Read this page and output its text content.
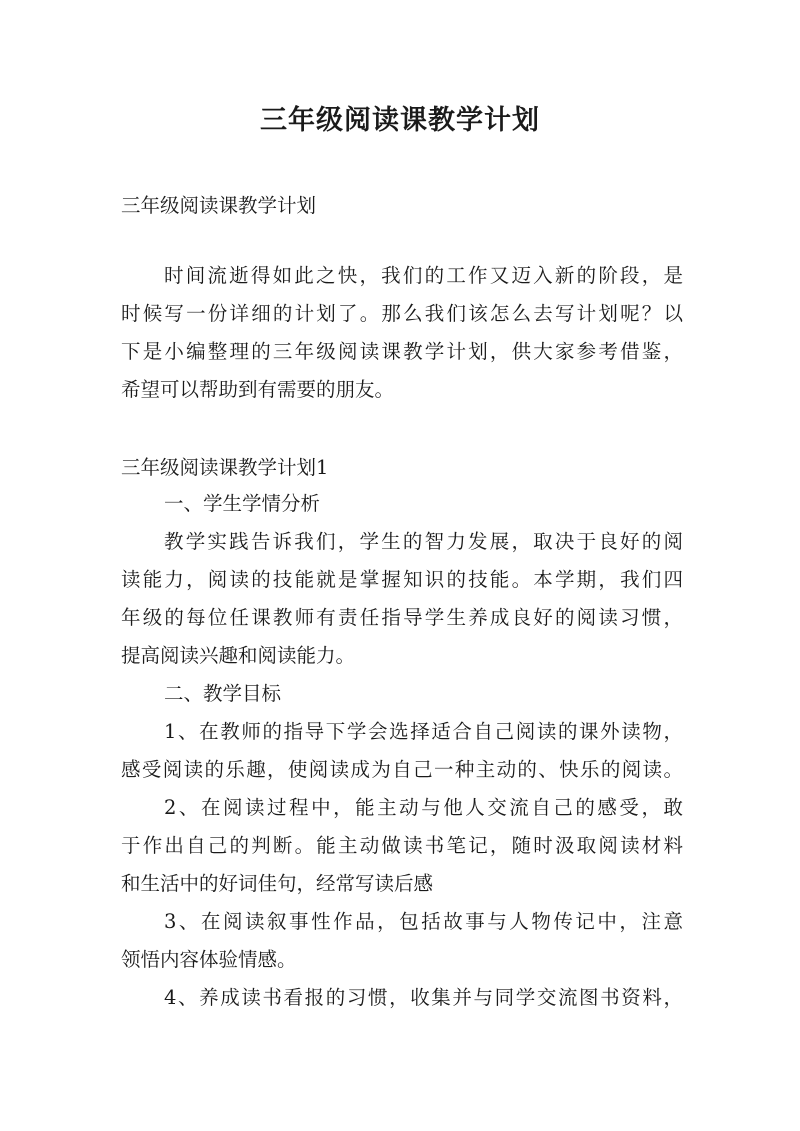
三年级阅读课教学计划
三年级阅读课教学计划
时间流逝得如此之快，我们的工作又迈入新的阶段，是
时候写一份详细的计划了。那么我们该怎么去写计划呢？以
下是小编整理的三年级阅读课教学计划，供大家参考借鉴，
希望可以帮助到有需要的朋友。
三年级阅读课教学计划1
一、学生学情分析
教学实践告诉我们，学生的智力发展，取决于良好的阅
读能力，阅读的技能就是掌握知识的技能。本学期，我们四
年级的每位任课教师有责任指导学生养成良好的阅读习惯，
提高阅读兴趣和阅读能力。
二、教学目标
1、在教师的指导下学会选择适合自己阅读的课外读物，
感受阅读的乐趣，使阅读成为自己一种主动的、快乐的阅读。
2、在阅读过程中，能主动与他人交流自己的感受，敢
于作出自己的判断。能主动做读书笔记，随时汲取阅读材料
和生活中的好词佳句，经常写读后感
3、在阅读叙事性作品，包括故事与人物传记中，注意
领悟内容体验情感。
4、养成读书看报的习惯，收集并与同学交流图书资料，
